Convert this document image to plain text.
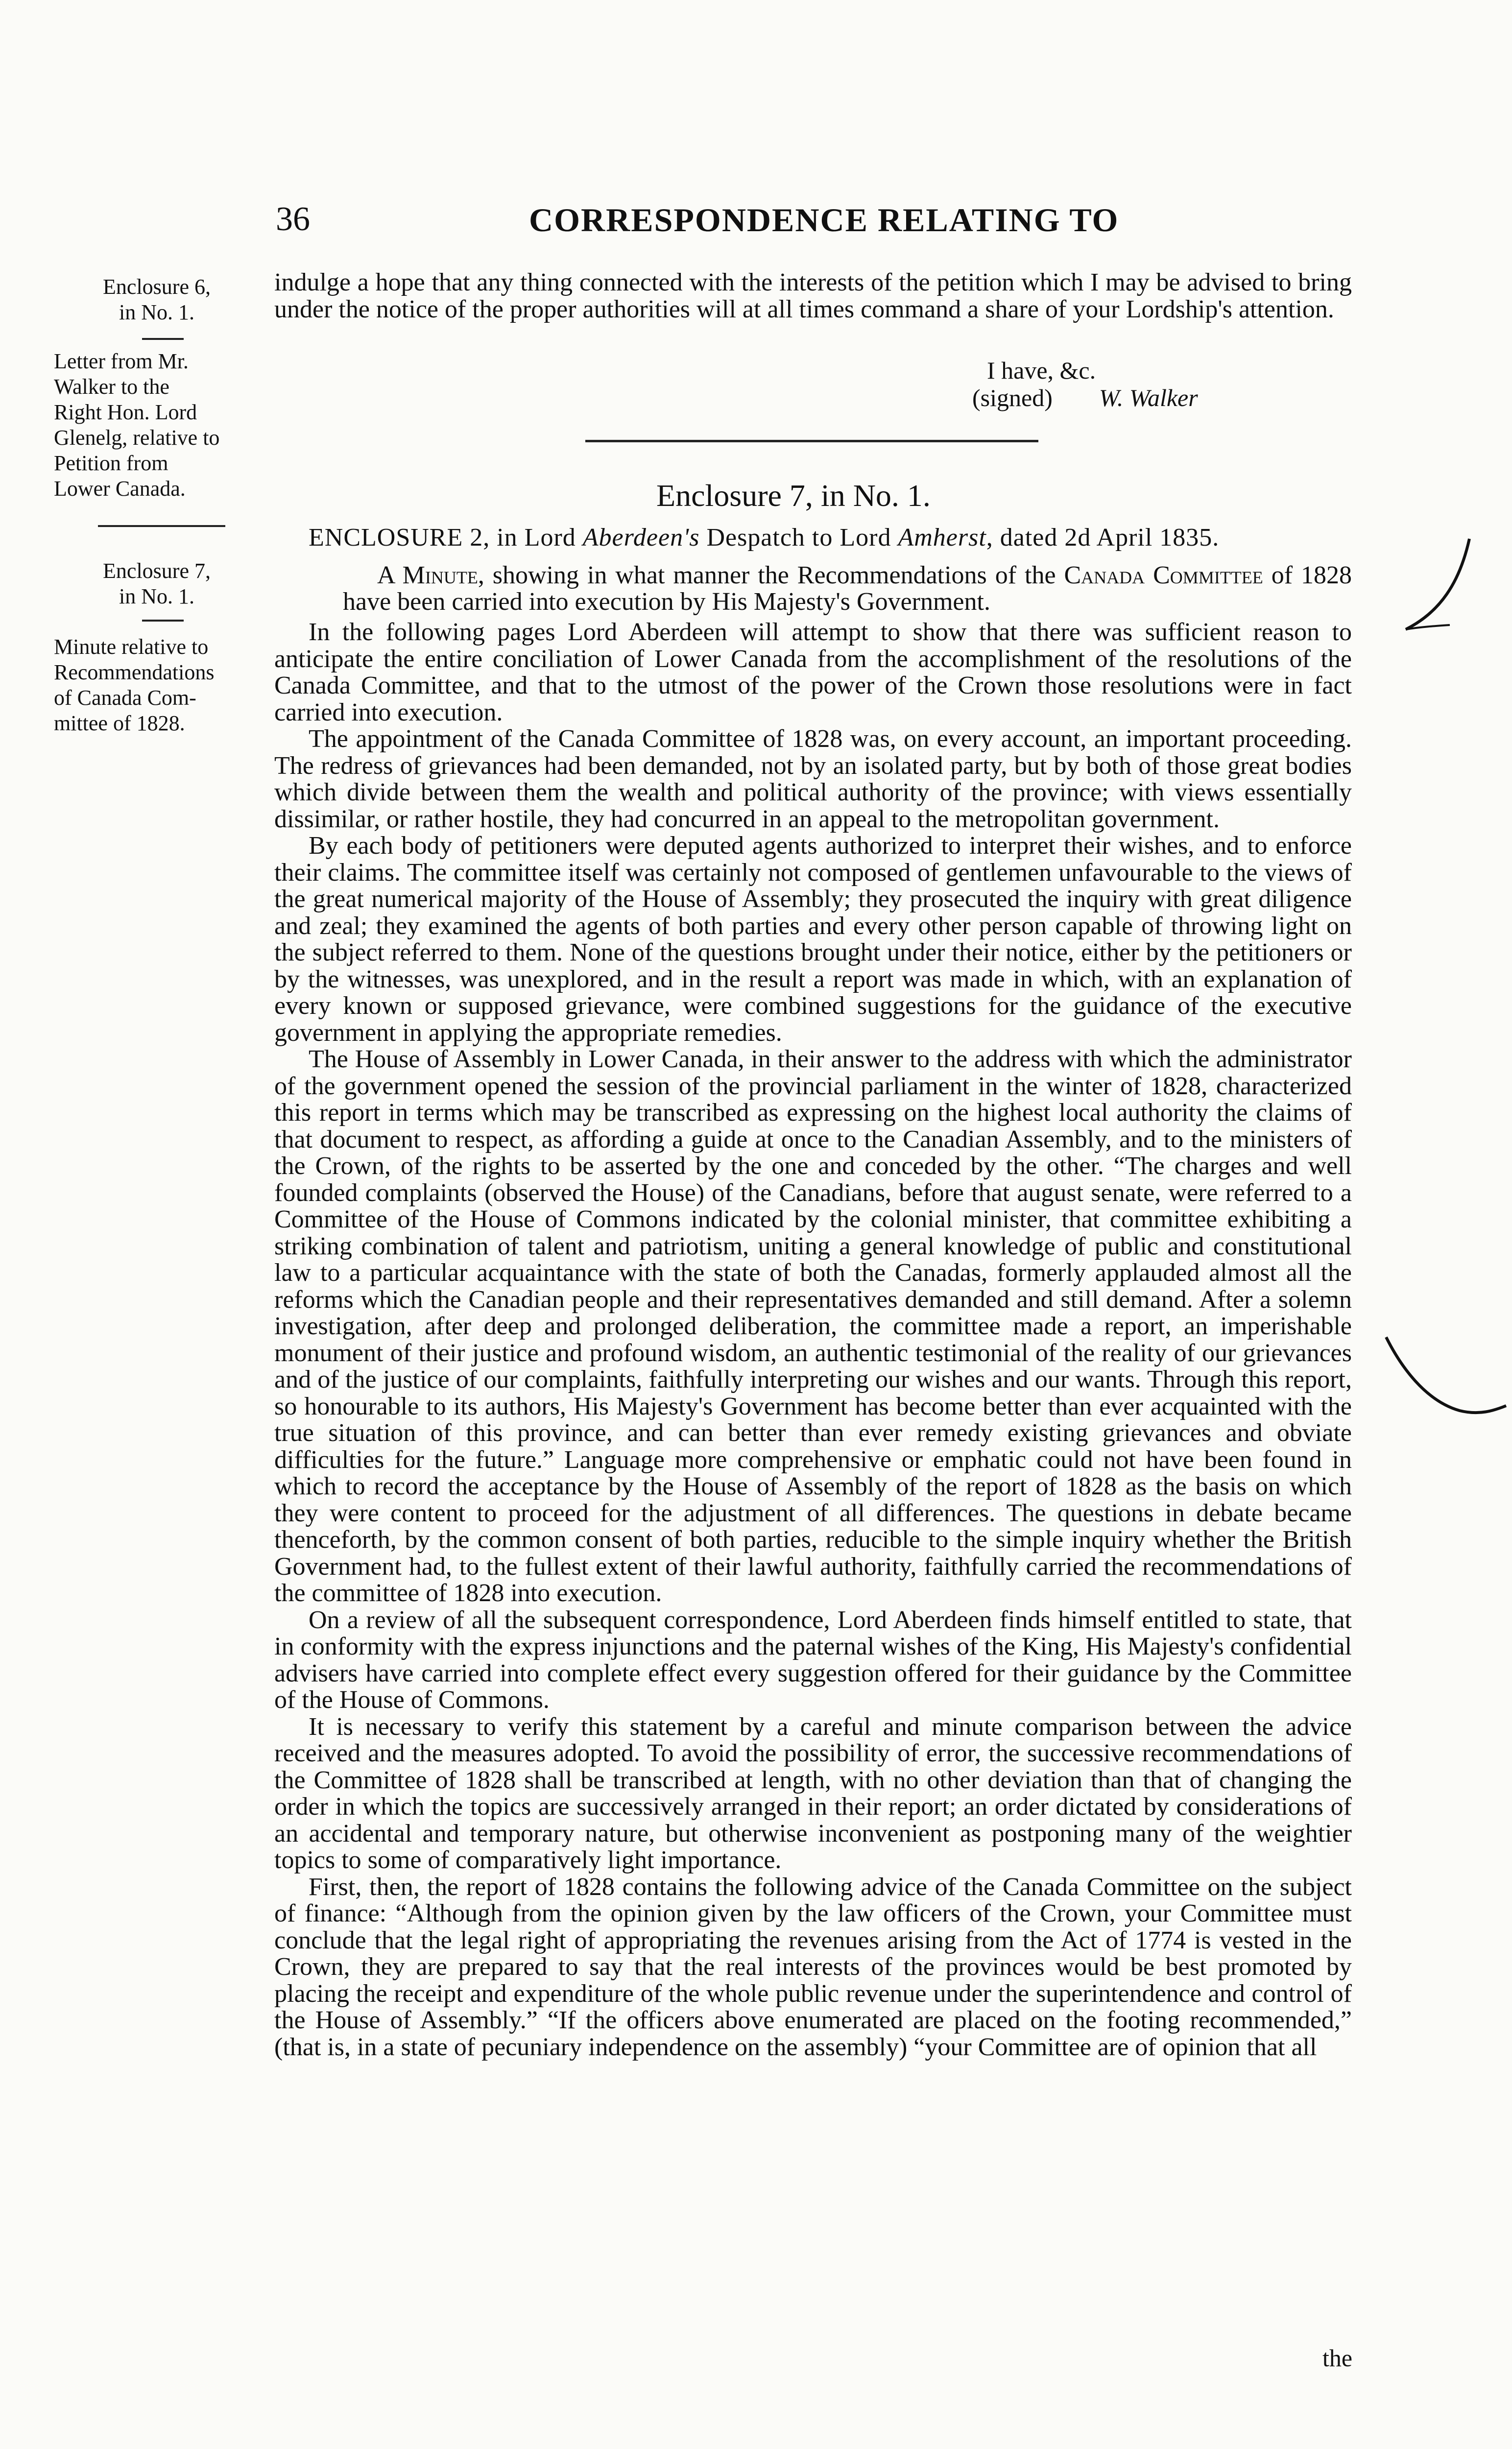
36	CORRESPONDENCE RELATING TO
Enclosure 6,
in No. 1.
Letter from Mr.
Walker to the
Right Hon. Lord
Glenelg, relative to
Petition from
Lower Canada.
Enclosure 7,
in No. 1.
Minute relative to
Recommendations
of Canada Com-
mittee of 1828.

indulge a hope that any thing connected with the interests of the petition which I may be advised to bring under the notice of the proper authorities will at all times command a share of your Lordship's attention.

I have, &c.
(signed) W. Walker
Enclosure 7, in No. 1.
ENCLOSURE 2, in Lord Aberdeen's Despatch to Lord Amherst, dated 2d April 1835.

A Minute, showing in what manner the Recommendations of the Canada Committee of 1828 have been carried into execution by His Majesty's Government.

In the following pages Lord Aberdeen will attempt to show that there was sufficient reason to anticipate the entire conciliation of Lower Canada from the accomplishment of the resolutions of the Canada Committee, and that to the utmost of the power of the Crown those resolutions were in fact carried into execution.

The appointment of the Canada Committee of 1828 was, on every account, an important proceeding. The redress of grievances had been demanded, not by an isolated party, but by both of those great bodies which divide between them the wealth and political authority of the province; with views essentially dissimilar, or rather hostile, they had concurred in an appeal to the metropolitan government.

By each body of petitioners were deputed agents authorized to interpret their wishes, and to enforce their claims. The committee itself was certainly not composed of gentlemen unfavourable to the views of the great numerical majority of the House of Assembly; they prosecuted the inquiry with great diligence and zeal; they examined the agents of both parties and every other person capable of throwing light on the subject referred to them. None of the questions brought under their notice, either by the petitioners or by the witnesses, was unexplored, and in the result a report was made in which, with an explanation of every known or supposed grievance, were combined suggestions for the guidance of the executive government in applying the appropriate remedies.

The House of Assembly in Lower Canada, in their answer to the address with which the administrator of the government opened the session of the provincial parliament in the winter of 1828, characterized this report in terms which may be transcribed as expressing on the highest local authority the claims of that document to respect, as affording a guide at once to the Canadian Assembly, and to the ministers of the Crown, of the rights to be asserted by the one and conceded by the other. “The charges and well founded complaints (observed the House) of the Canadians, before that august senate, were referred to a Committee of the House of Commons indicated by the colonial minister, that committee exhibiting a striking combination of talent and patriotism, uniting a general knowledge of public and constitutional law to a particular acquaintance with the state of both the Canadas, formerly applauded almost all the reforms which the Canadian people and their representatives demanded and still demand. After a solemn investigation, after deep and prolonged deliberation, the committee made a report, an imperishable monument of their justice and profound wisdom, an authentic testimonial of the reality of our grievances and of the justice of our complaints, faithfully interpreting our wishes and our wants. Through this report, so honourable to its authors, His Majesty's Government has become better than ever acquainted with the true situation of this province, and can better than ever remedy existing grievances and obviate difficulties for the future.” Language more comprehensive or emphatic could not have been found in which to record the acceptance by the House of Assembly of the report of 1828 as the basis on which they were content to proceed for the adjustment of all differences. The questions in debate became thenceforth, by the common consent of both parties, reducible to the simple inquiry whether the British Government had, to the fullest extent of their lawful authority, faithfully carried the recommendations of the committee of 1828 into execution.

On a review of all the subsequent correspondence, Lord Aberdeen finds himself entitled to state, that in conformity with the express injunctions and the paternal wishes of the King, His Majesty's confidential advisers have carried into complete effect every suggestion offered for their guidance by the Committee of the House of Commons.

It is necessary to verify this statement by a careful and minute comparison between the advice received and the measures adopted. To avoid the possibility of error, the successive recommendations of the Committee of 1828 shall be transcribed at length, with no other deviation than that of changing the order in which the topics are successively arranged in their report; an order dictated by considerations of an accidental and temporary nature, but otherwise inconvenient as postponing many of the weightier topics to some of comparatively light importance.

First, then, the report of 1828 contains the following advice of the Canada Committee on the subject of finance: “Although from the opinion given by the law officers of the Crown, your Committee must conclude that the legal right of appropriating the revenues arising from the Act of 1774 is vested in the Crown, they are prepared to say that the real interests of the provinces would be best promoted by placing the receipt and expenditure of the whole public revenue under the superintendence and control of the House of Assembly.” “If the officers above enumerated are placed on the footing recommended,” (that is, in a state of pecuniary independence on the assembly) “your Committee are of opinion that all

the
